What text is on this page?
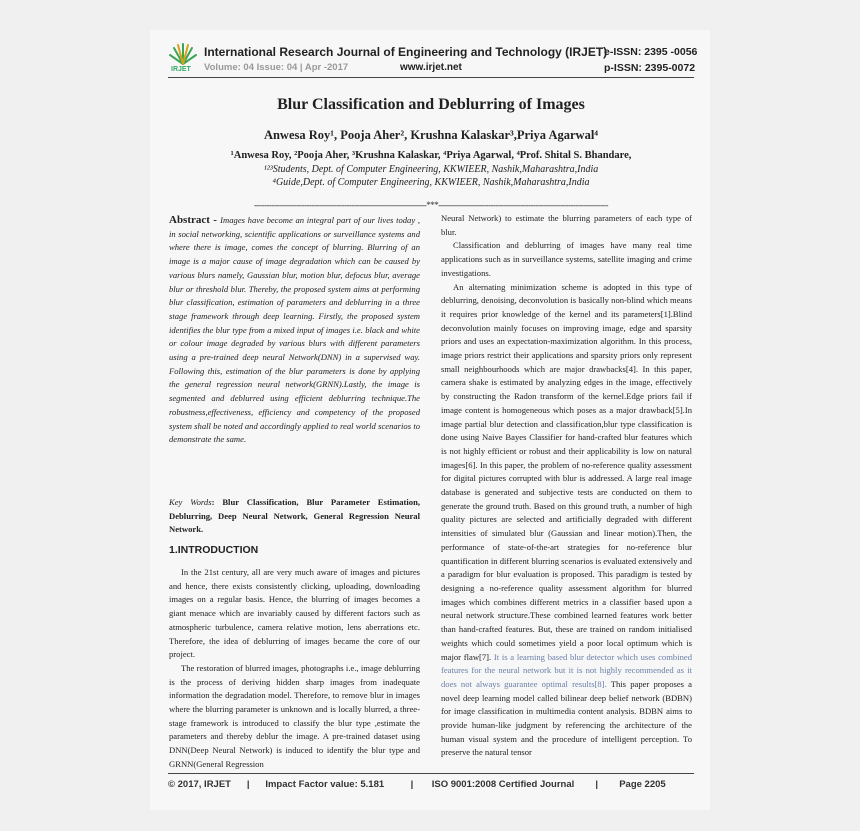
IRJET
International Research Journal of Engineering and Technology (IRJET)
e-ISSN: 2395 -0056
Volume: 04 Issue: 04 | Apr -2017	www.irjet.net	p-ISSN: 2395-0072
Blur Classification and Deblurring of Images
Anwesa Roy¹, Pooja Aher², Krushna Kalaskar³,Priya Agarwal⁴
¹Anwesa Roy, ²Pooja Aher, ³Krushna Kalaskar, ⁴Priya Agarwal, ⁴Prof. Shital S. Bhandare,
¹²³Students, Dept. of Computer Engineering, KKWIEER, Nashik,Maharashtra,India
⁴Guide,Dept. of Computer Engineering, KKWIEER, Nashik,Maharashtra,India
---------------------------------------------------------------------***--------------------------------------------------------------------
Abstract - Images have become an integral part of our lives today , in social networking, scientific applications or surveillance systems and where there is image, comes the concept of blurring. Blurring of an image is a major cause of image degradation which can be caused by various blurs namely, Gaussian blur, motion blur, defocus blur, average blur or threshold blur. Thereby, the proposed system aims at performing blur classification, estimation of parameters and deblurring in a three stage framework through deep learning. Firstly, the proposed system identifies the blur type from a mixed input of images i.e. black and white or colour image degraded by various blurs with different parameters using a pre-trained deep neural Network(DNN) in a supervised way. Following this, estimation of the blur parameters is done by applying the general regression neural network(GRNN).Lastly, the image is segmented and deblurred using efficient deblurring technique.The robustness,effectiveness, efficiency and competency of the proposed system shall be noted and accordingly applied to real world scenarios to demonstrate the same.
Key Words: Blur Classification, Blur Parameter Estimation, Deblurring, Deep Neural Network, General Regression Neural Network.
1.INTRODUCTION

In the 21st century, all are very much aware of images and pictures and hence, there exists consistently clicking, uploading, downloading images on a regular basis. Hence, the blurring of images becomes a giant menace which are invariably caused by different factors such as atmospheric turbulence, camera relative motion, lens aberrations etc. Therefore, the idea of deblurring of images became the core of our project.

The restoration of blurred images, photographs i.e., image deblurring is the process of deriving hidden sharp images from inadequate information the degradation model. Therefore, to remove blur in images where the blurring parameter is unknown and is locally blurred, a three-stage framework is introduced to classify the blur type ,estimate the parameters and thereby deblur the image. A pre-trained dataset using DNN(Deep Neural Network) is induced to identify the blur type and GRNN(General Regression

Neural Network) to estimate the blurring parameters of each type of blur.

Classification and deblurring of images have many real time applications such as in surveillance systems, satellite imaging and crime investigations.

An alternating minimization scheme is adopted in this type of deblurring, denoising, deconvolution is basically non-blind which means it requires prior knowledge of the kernel and its parameters[1].Blind deconvolution mainly focuses on improving image, edge and sparsity priors and uses an expectation-maximization algorithm. In this process, image priors restrict their applications and sparsity priors only represent small neighbourhoods which are major drawbacks[4]. In this paper, camera shake is estimated by analyzing edges in the image, effectively by constructing the Radon transform of the kernel.Edge priors fail if image content is homogeneous which poses as a major drawback[5].In image partial blur detection and classification,blur type classification is done using Naive Bayes Classifier for hand-crafted blur features which is not highly efficient or robust and their applicability is low on natural images[6]. In this paper, the problem of no-reference quality assessment for digital pictures corrupted with blur is addressed. A large real image database is generated and subjective tests are conducted on them to generate the ground truth. Based on this ground truth, a number of high quality pictures are selected and artificially degraded with different intensities of simulated blur (Gaussian and linear motion).Then, the performance of state-of-the-art strategies for no-reference blur quantification in different blurring scenarios is evaluated extensively and a paradigm for blur evaluation is proposed. This paradigm is tested by designing a no-reference quality assessment algorithm for blurred images which combines different metrics in a classifier based upon a neural network structure.These combined learned features work better than hand-crafted features. But, these are trained on random initialised weights which could sometimes yield a poor local optimum which is major flaw[7]. It is a learning based blur detector which uses combined features for the neural network but it is not highly recommended as it does not always guarantee optimal results[8]. This paper proposes a novel deep learning model called bilinear deep belief network (BDBN) for image classification in multimedia content analysis. BDBN aims to provide human-like judgment by referencing the architecture of the human visual system and the procedure of intelligent perception. To preserve the natural tensor

© 2017, IRJET | Impact Factor value: 5.181	| ISO 9001:2008 Certified Journal | Page 2205
